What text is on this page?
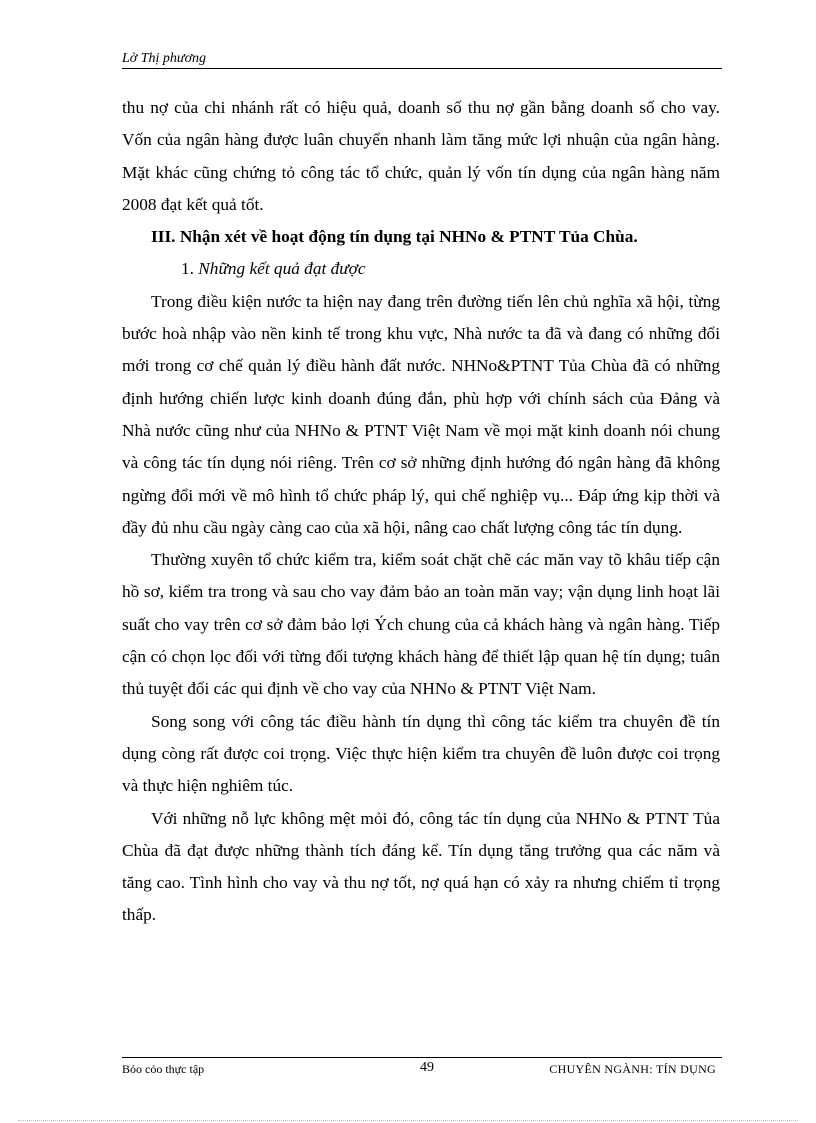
Lờ Thị phương

thu nợ của chi nhánh rất có hiệu quả, doanh số thu nợ gần bằng doanh số cho vay. Vốn của ngân hàng được luân chuyển nhanh làm tăng mức lợi nhuận của ngân hàng. Mặt khác cũng chứng tỏ công tác tổ chức, quản lý vốn tín dụng của ngân hàng năm 2008 đạt kết quả tốt.

III. Nhận xét về hoạt động tín dụng tại NHNo & PTNT Tủa Chùa.

1. Những kết quả đạt được

Trong điều kiện nước ta hiện nay đang trên đường tiến lên chủ nghĩa xã hội, từng bước hoà nhập vào nền kinh tế trong khu vực, Nhà nước ta đã và đang có những đổi mới trong cơ chế quản lý điều hành đất nước. NHNo&PTNT Tủa Chùa đã có những định hướng chiến lược kinh doanh đúng đắn, phù hợp với chính sách của Đảng và Nhà nước cũng như của NHNo & PTNT Việt Nam về mọi mặt kinh doanh nói chung và công tác tín dụng nói riêng. Trên cơ sở những định hướng đó ngân hàng đã không ngừng đổi mới về mô hình tổ chức pháp lý, qui chế nghiệp vụ... Đáp ứng kịp thời và đầy đủ nhu cầu ngày càng cao của xã hội, nâng cao chất lượng công tác tín dụng.

Thường xuyên tổ chức kiểm tra, kiểm soát chặt chẽ các măn vay tõ khâu tiếp cận hồ sơ, kiểm tra trong và sau cho vay đảm bảo an toàn măn vay; vận dụng linh hoạt lãi suất cho vay trên cơ sở đảm bảo lợi Ých chung của cả khách hàng và ngân hàng. Tiếp cận có chọn lọc đối với từng đối tượng khách hàng để thiết lập quan hệ tín dụng; tuân thủ tuyệt đối các qui định về cho vay của NHNo & PTNT Việt Nam.

Song song với công tác điều hành tín dụng thì công tác kiểm tra chuyên đề tín dụng còng rất được coi trọng. Việc thực hiện kiểm tra chuyên đề luôn được coi trọng và thực hiện nghiêm túc.

Với những nỗ lực không mệt mỏi đó, công tác tín dụng của NHNo & PTNT Tủa Chùa đã đạt được những thành tích đáng kể. Tín dụng tăng trưởng qua các năm và tăng cao. Tình hình cho vay và thu nợ tốt, nợ quá hạn có xảy ra nhưng chiếm tỉ trọng thấp.

Bỏo cỏo thực tập	49	CHUYÊN NGÀNH: TÍN DỤNG
